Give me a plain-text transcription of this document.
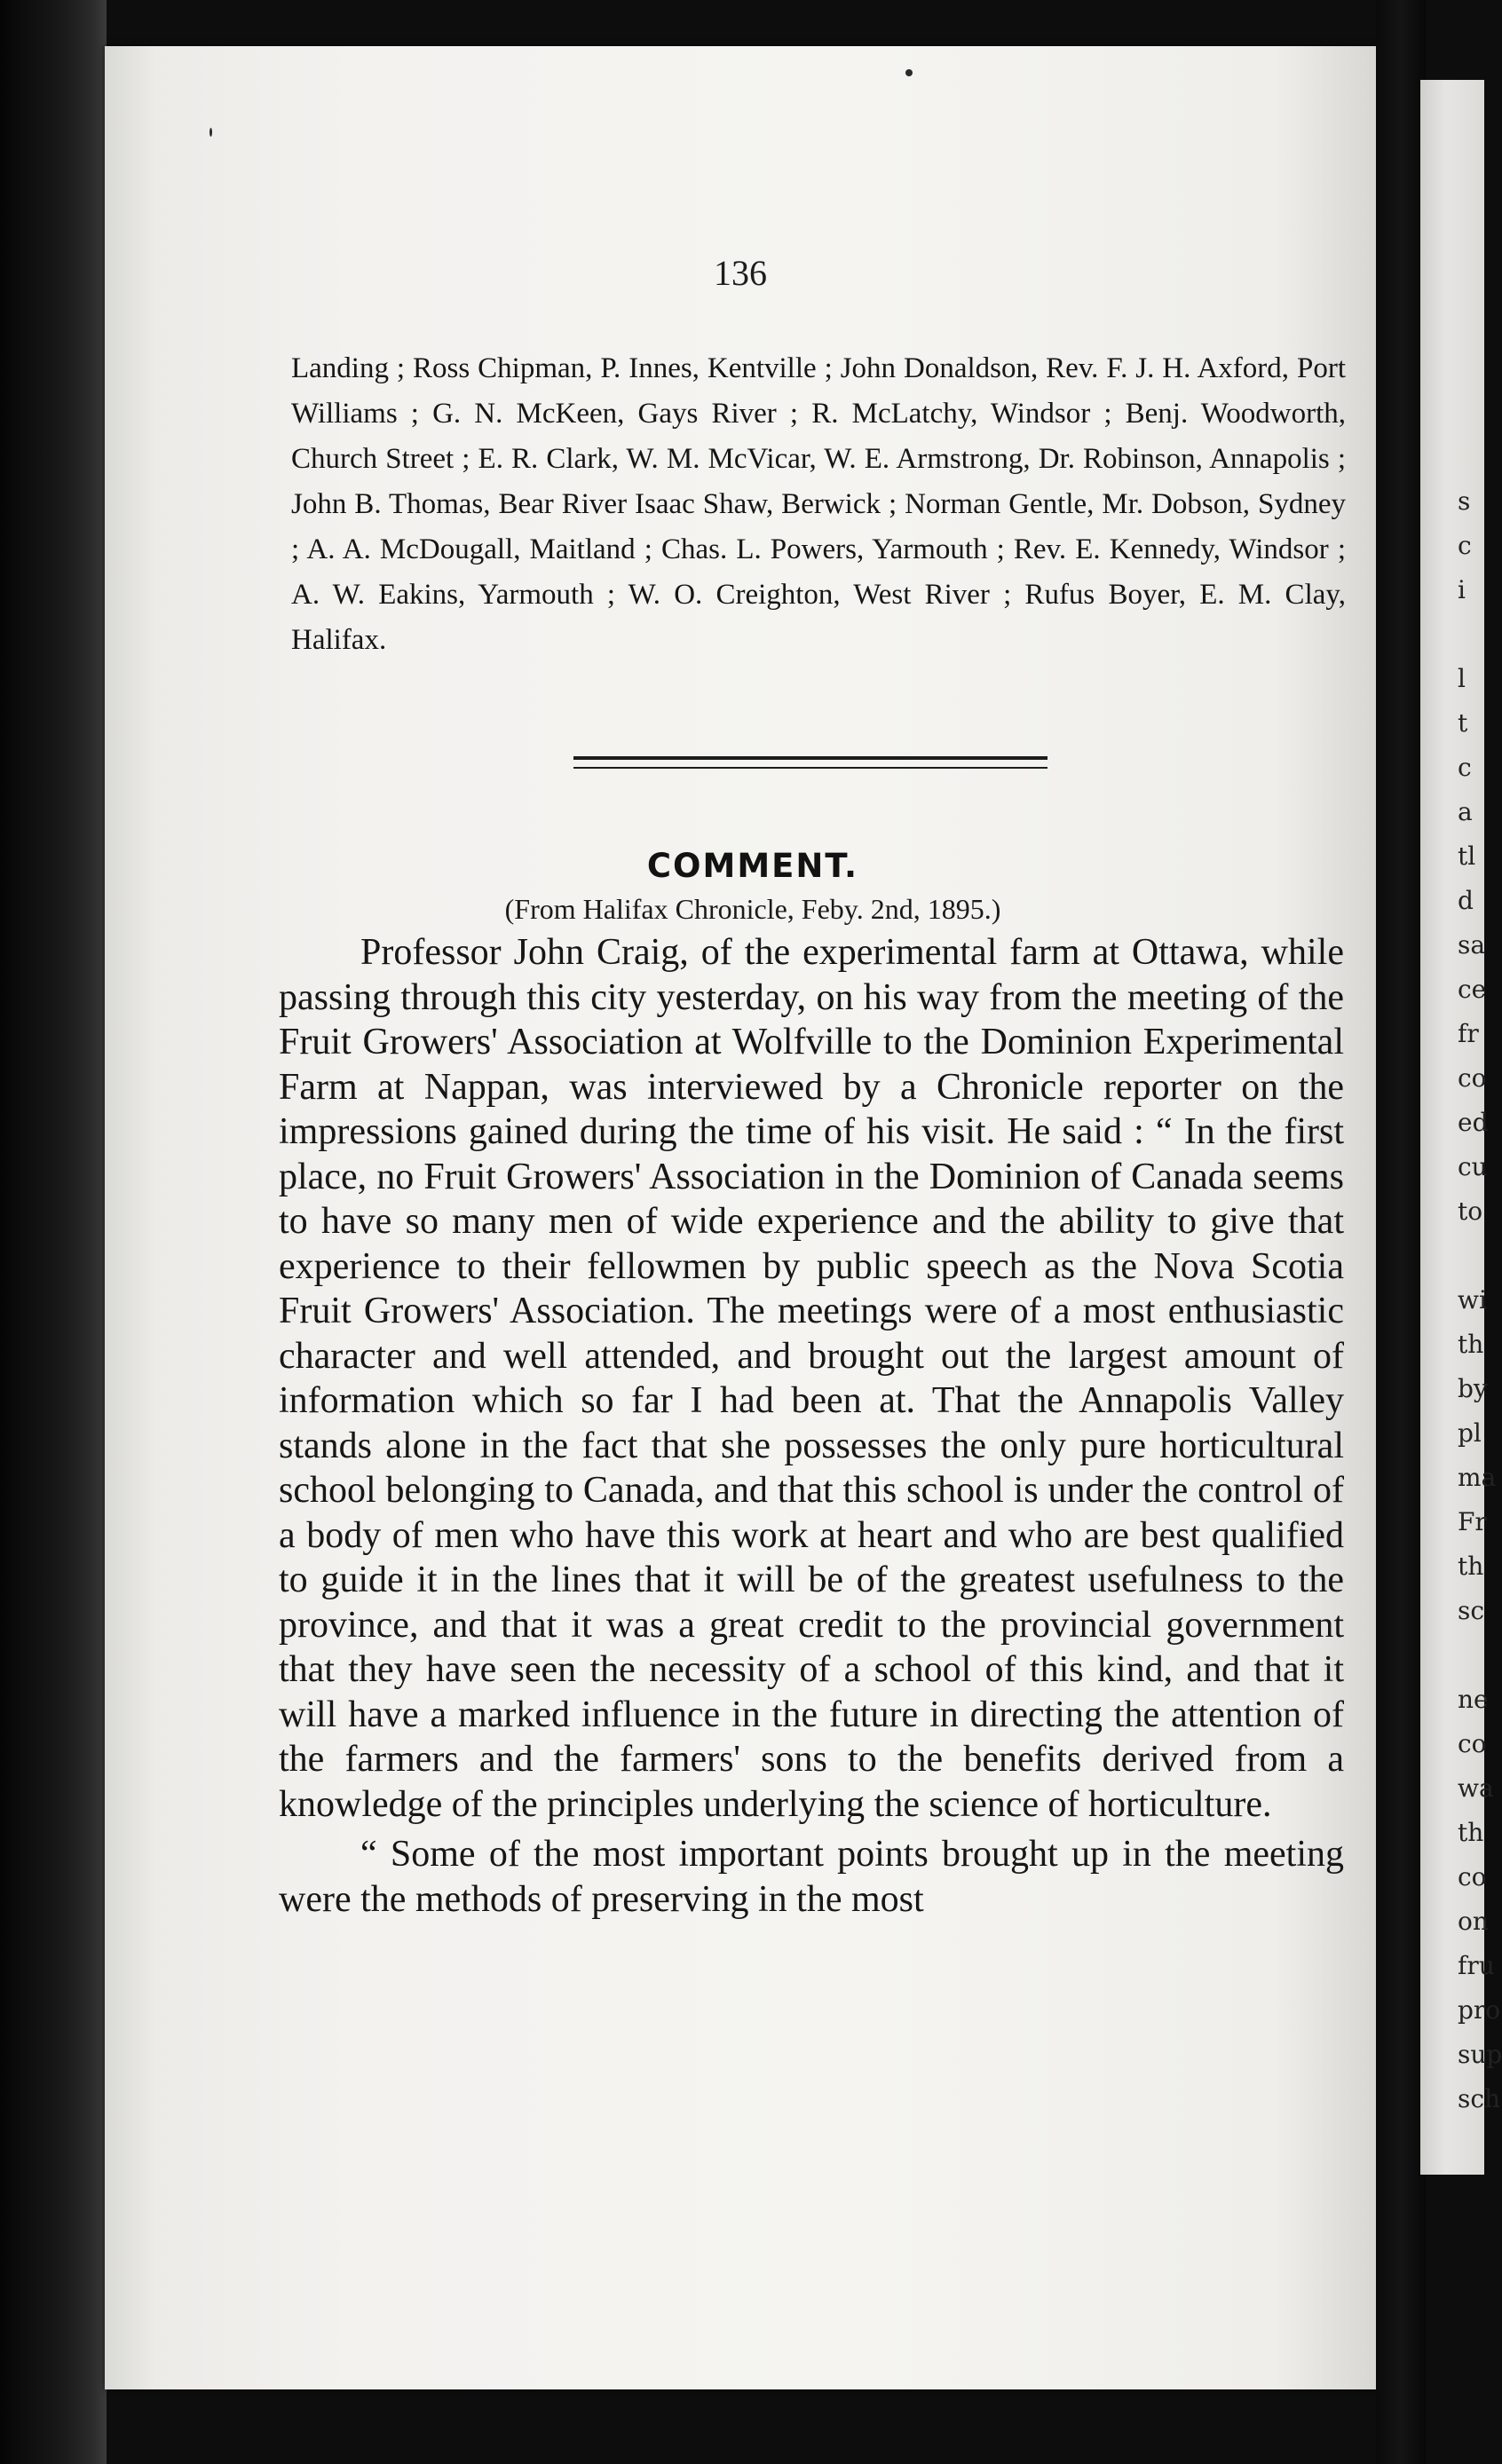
136
Landing ; Ross Chipman, P. Innes, Kentville ; John Donaldson, Rev. F. J. H. Axford, Port Williams ; G. N. McKeen, Gays River ; R. McLatchy, Windsor ; Benj. Woodworth, Church Street ; E. R. Clark, W. M. McVicar, W. E. Armstrong, Dr. Robinson, Annapolis ; John B. Thomas, Bear River Isaac Shaw, Berwick ; Norman Gentle, Mr. Dobson, Sydney ; A. A. McDougall, Maitland ; Chas. L. Powers, Yarmouth ; Rev. E. Kennedy, Windsor ; A. W. Eakins, Yarmouth ; W. O. Creighton, West River ; Rufus Boyer, E. M. Clay, Halifax.
COMMENT.
(From Halifax Chronicle, Feby. 2nd, 1895.)

Professor John Craig, of the experimental farm at Ottawa, while passing through this city yesterday, on his way from the meeting of the Fruit Growers' Association at Wolfville to the Dominion Experimental Farm at Nappan, was interviewed by a Chronicle reporter on the impressions gained during the time of his visit. He said : “ In the first place, no Fruit Growers' Association in the Dominion of Canada seems to have so many men of wide experience and the ability to give that experience to their fellowmen by public speech as the Nova Scotia Fruit Growers' Association. The meetings were of a most enthusiastic character and well attended, and brought out the largest amount of information which so far I had been at. That the Annapolis Valley stands alone in the fact that she possesses the only pure horticultural school belonging to Canada, and that this school is under the control of a body of men who have this work at heart and who are best qualified to guide it in the lines that it will be of the greatest usefulness to the province, and that it was a great credit to the provincial government that they have seen the necessity of a school of this kind, and that it will have a marked influence in the future in directing the attention of the farmers and the farmers' sons to the benefits derived from a knowledge of the principles underlying the science of horticulture.

“ Some of the most important points brought up in the meeting were the methods of preserving in the most

s
c
i

l
t
c
a
tl
d
sa
ce
fr
co
ed
cu
to

wi
th
by
pl
ma
Fr
th
sc

ne
co
wa
th
co
on
fru
pro
sup
sch
